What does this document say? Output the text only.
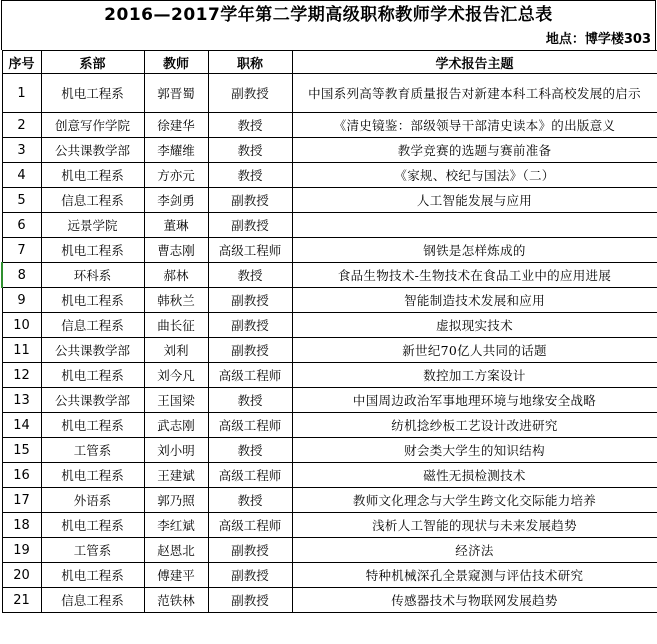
2016—2017学年第二学期高级职称教师学术报告汇总表
地点：博学楼303
序号	系部	教师	职称	学术报告主题
1	机电工程系	郭晋蜀	副教授	中国系列高等教育质量报告对新建本科工科高校发展的启示
2	创意写作学院	徐建华	教授	《清史镜鉴：部级领导干部清史读本》的出版意义
3	公共课教学部	李耀维	教授	教学竞赛的选题与赛前准备
4	机电工程系	方亦元	教授	《家规、校纪与国法》（二）
5	信息工程系	李剑勇	副教授	人工智能发展与应用
6	远景学院	董琳	副教授	
7	机电工程系	曹志刚	高级工程师	钢铁是怎样炼成的
8	环科系	郝林	教授	食品生物技术-生物技术在食品工业中的应用进展
9	机电工程系	韩秋兰	副教授	智能制造技术发展和应用
10	信息工程系	曲长征	副教授	虚拟现实技术
11	公共课教学部	刘利	副教授	新世纪70亿人共同的话题
12	机电工程系	刘今凡	高级工程师	数控加工方案设计
13	公共课教学部	王国梁	教授	中国周边政治军事地理环境与地缘安全战略
14	机电工程系	武志刚	高级工程师	纺机捻纱板工艺设计改进研究
15	工管系	刘小明	教授	财会类大学生的知识结构
16	机电工程系	王建斌	高级工程师	磁性无损检测技术
17	外语系	郭乃照	教授	教师文化理念与大学生跨文化交际能力培养
18	机电工程系	李红斌	高级工程师	浅析人工智能的现状与未来发展趋势
19	工管系	赵恩北	副教授	经济法
20	机电工程系	傅建平	副教授	特种机械深孔全景窥测与评估技术研究
21	信息工程系	范铁林	副教授	传感器技术与物联网发展趋势
